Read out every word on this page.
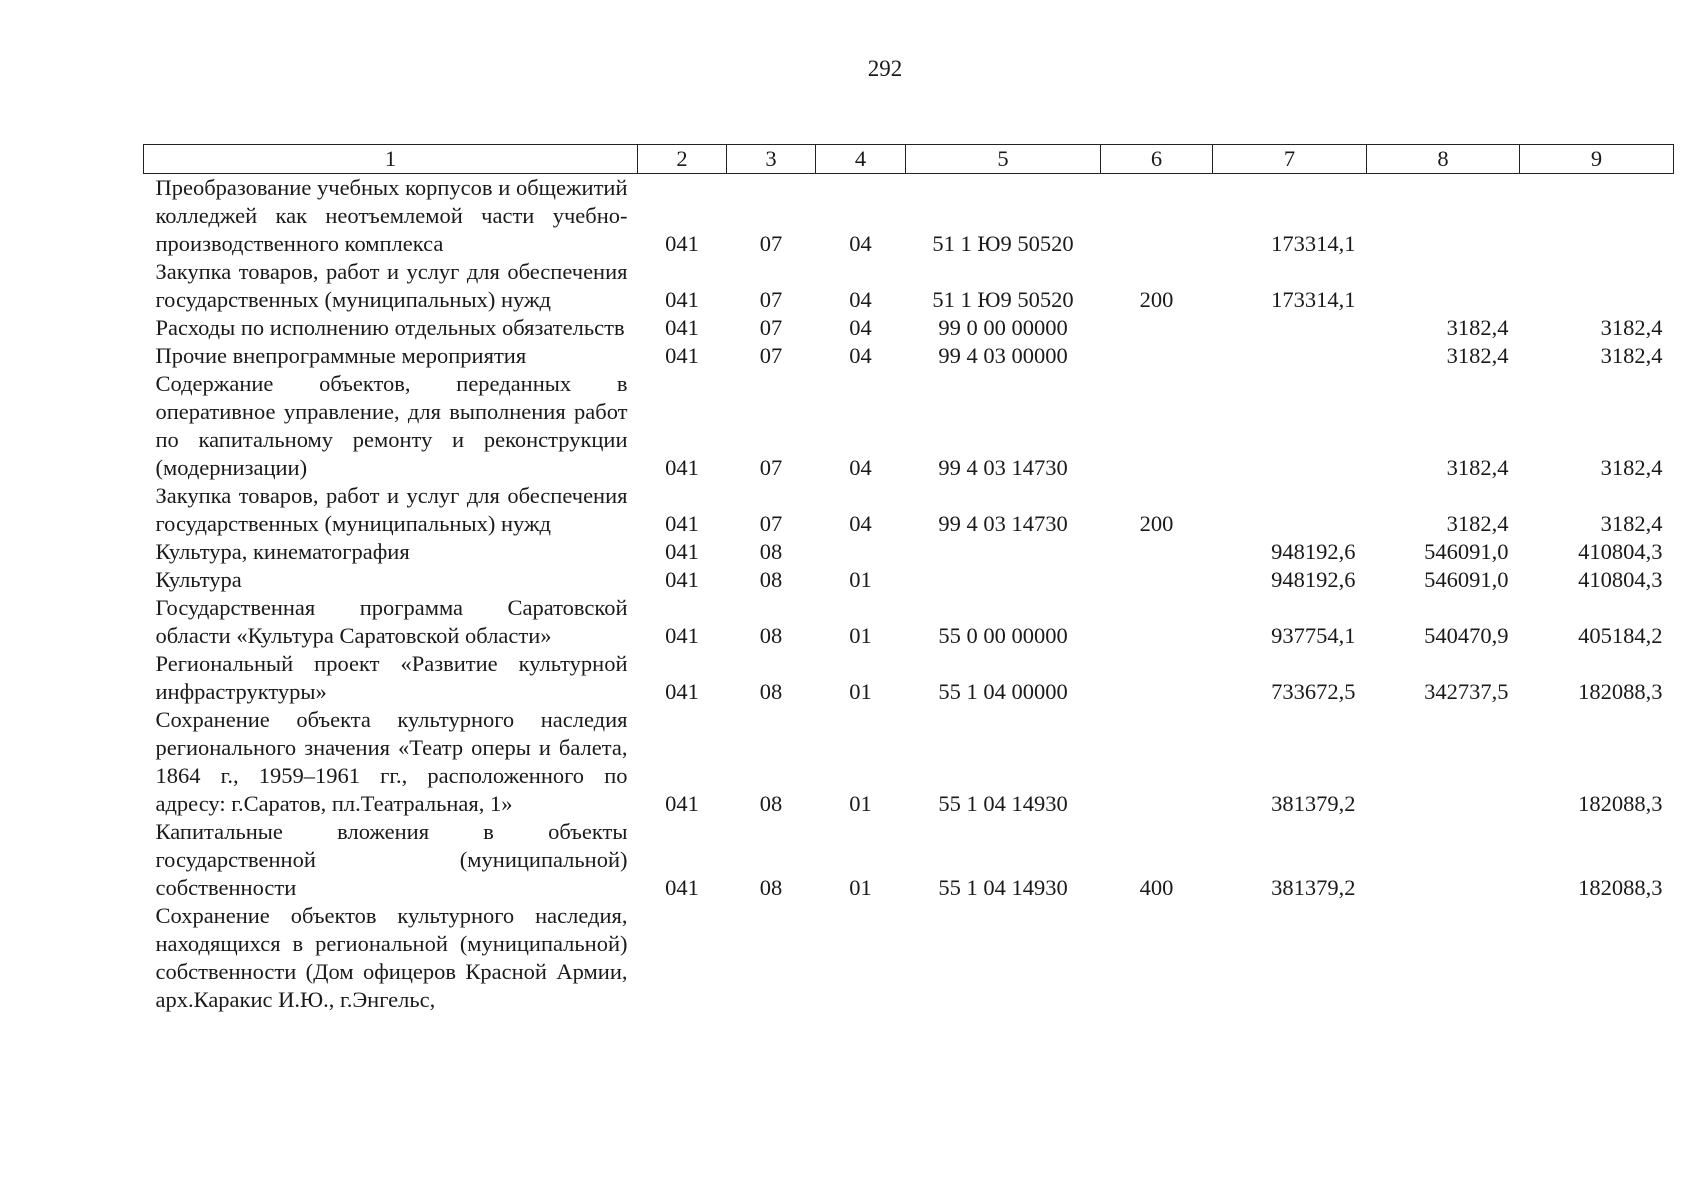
292
1	2	3	4	5	6	7	8	9
Преобразование учебных корпусов и общежитий колледжей как неотъемлемой части учебно-производственного комплекса	041	07	04	51 1 Ю9 50520		173314,1		
Закупка товаров, работ и услуг для обеспечения государственных (муниципальных) нужд	041	07	04	51 1 Ю9 50520	200	173314,1		
Расходы по исполнению отдельных обязательств	041	07	04	99 0 00 00000			3182,4	3182,4
Прочие внепрограммные мероприятия	041	07	04	99 4 03 00000			3182,4	3182,4
Содержание объектов, переданных в оперативное управление, для выполнения работ по капитальному ремонту и реконструкции (модернизации)	041	07	04	99 4 03 14730			3182,4	3182,4
Закупка товаров, работ и услуг для обеспечения государственных (муниципальных) нужд	041	07	04	99 4 03 14730	200		3182,4	3182,4
Культура, кинематография	041	08				948192,6	546091,0	410804,3
Культура	041	08	01			948192,6	546091,0	410804,3
Государственная программа Саратовской области «Культура Саратовской области»	041	08	01	55 0 00 00000		937754,1	540470,9	405184,2
Региональный проект «Развитие культурной инфраструктуры»	041	08	01	55 1 04 00000		733672,5	342737,5	182088,3
Сохранение объекта культурного наследия регионального значения «Театр оперы и балета, 1864 г., 1959–1961 гг., расположенного по адресу: г.Саратов, пл.Театральная, 1»	041	08	01	55 1 04 14930		381379,2		182088,3
Капитальные вложения в объекты государственной (муниципальной) собственности	041	08	01	55 1 04 14930	400	381379,2		182088,3
Сохранение объектов культурного наследия, находящихся в региональной (муниципальной) собственности (Дом офицеров Красной Армии, арх.Каракис И.Ю., г.Энгельс,								
